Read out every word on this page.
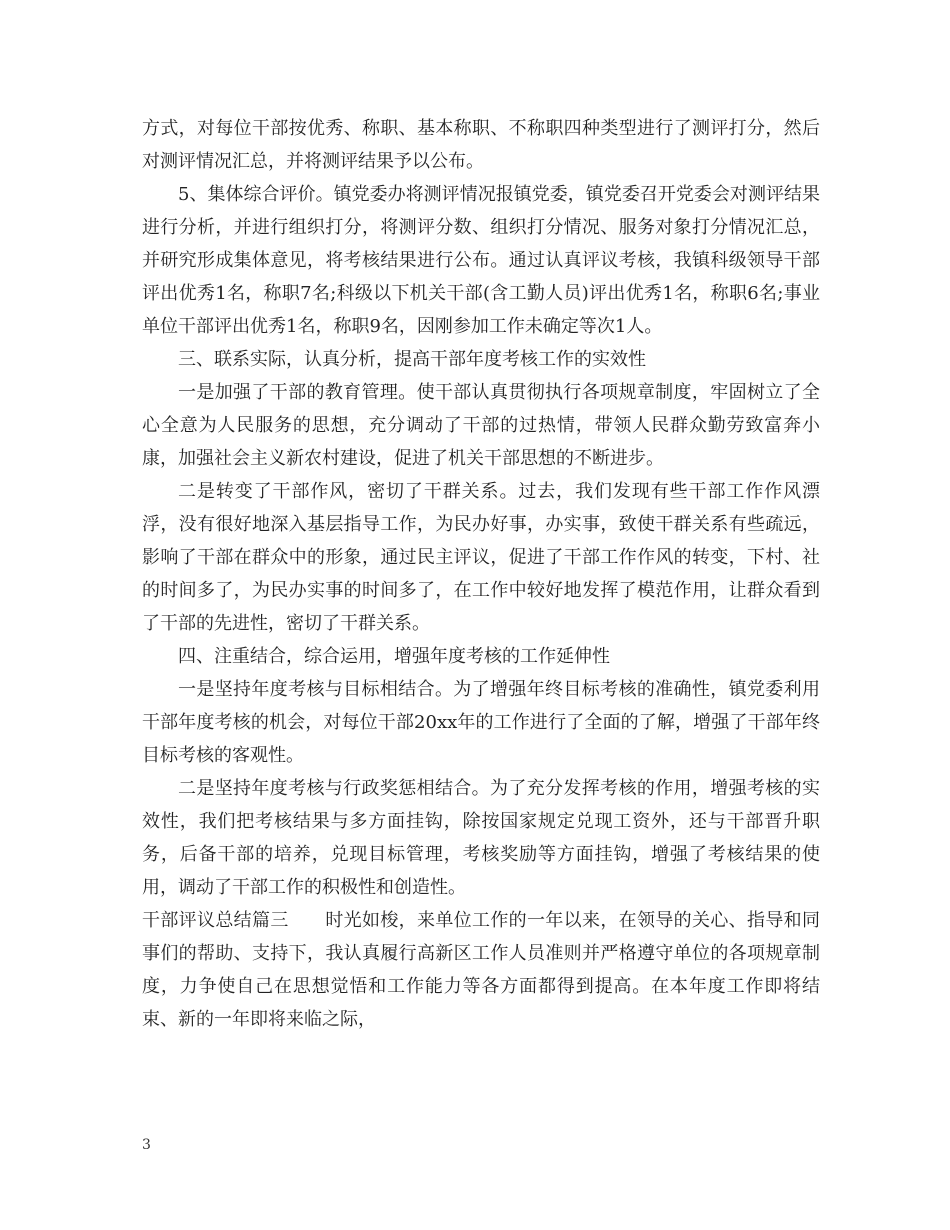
方式，对每位干部按优秀、称职、基本称职、不称职四种类型进行了测评打分，然后对测评情况汇总，并将测评结果予以公布。

5、集体综合评价。镇党委办将测评情况报镇党委，镇党委召开党委会对测评结果进行分析，并进行组织打分，将测评分数、组织打分情况、服务对象打分情况汇总，并研究形成集体意见，将考核结果进行公布。通过认真评议考核，我镇科级领导干部评出优秀1名，称职7名;科级以下机关干部(含工勤人员)评出优秀1名，称职6名;事业单位干部评出优秀1名，称职9名，因刚参加工作未确定等次1人。

三、联系实际，认真分析，提高干部年度考核工作的实效性

一是加强了干部的教育管理。使干部认真贯彻执行各项规章制度，牢固树立了全心全意为人民服务的思想，充分调动了干部的过热情，带领人民群众勤劳致富奔小康，加强社会主义新农村建设，促进了机关干部思想的不断进步。

二是转变了干部作风，密切了干群关系。过去，我们发现有些干部工作作风漂浮，没有很好地深入基层指导工作，为民办好事，办实事，致使干群关系有些疏远，影响了干部在群众中的形象，通过民主评议，促进了干部工作作风的转变，下村、社的时间多了，为民办实事的时间多了，在工作中较好地发挥了模范作用，让群众看到了干部的先进性，密切了干群关系。

四、注重结合，综合运用，增强年度考核的工作延伸性

一是坚持年度考核与目标相结合。为了增强年终目标考核的准确性，镇党委利用干部年度考核的机会，对每位干部20xx年的工作进行了全面的了解，增强了干部年终目标考核的客观性。

二是坚持年度考核与行政奖惩相结合。为了充分发挥考核的作用，增强考核的实效性，我们把考核结果与多方面挂钩，除按国家规定兑现工资外，还与干部晋升职务，后备干部的培养，兑现目标管理，考核奖励等方面挂钩，增强了考核结果的使用，调动了干部工作的积极性和创造性。

干部评议总结篇三　　时光如梭，来单位工作的一年以来，在领导的关心、指导和同事们的帮助、支持下，我认真履行高新区工作人员准则并严格遵守单位的各项规章制度，力争使自己在思想觉悟和工作能力等各方面都得到提高。在本年度工作即将结束、新的一年即将来临之际，

3
